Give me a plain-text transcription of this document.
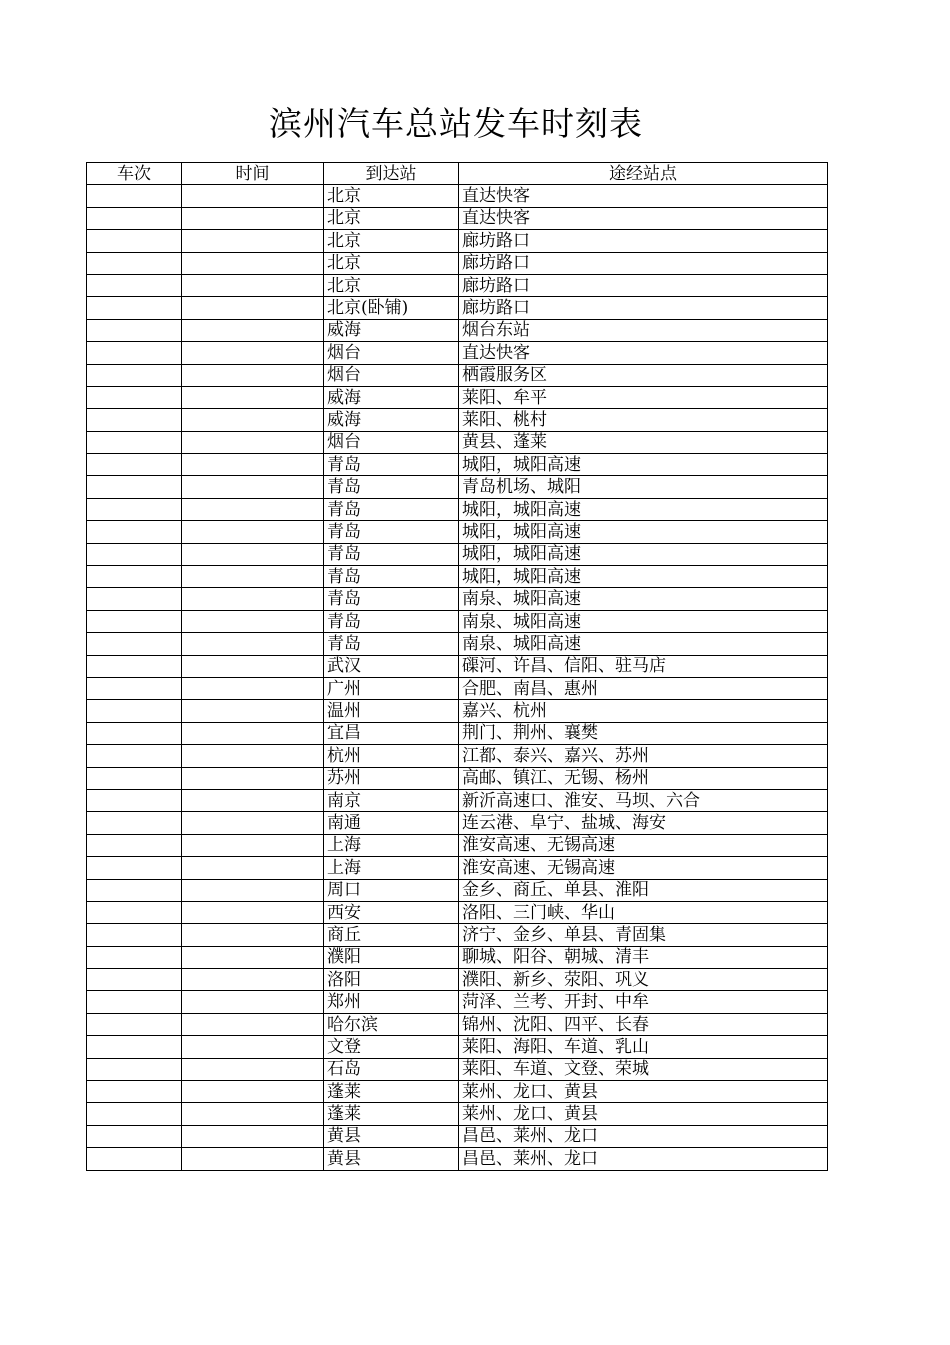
滨州汽车总站发车时刻表
车次	时间	到达站	途经站点
		北京	直达快客
		北京	直达快客
		北京	廊坊路口
		北京	廊坊路口
		北京	廊坊路口
		北京(卧铺)	廊坊路口
		威海	烟台东站
		烟台	直达快客
		烟台	栖霞服务区
		威海	莱阳、牟平
		威海	莱阳、桃村
		烟台	黄县、蓬莱
		青岛	城阳，城阳高速
		青岛	青岛机场、城阳
		青岛	城阳，城阳高速
		青岛	城阳，城阳高速
		青岛	城阳，城阳高速
		青岛	城阳，城阳高速
		青岛	南泉、城阳高速
		青岛	南泉、城阳高速
		青岛	南泉、城阳高速
		武汉	磲河、许昌、信阳、驻马店
		广州	合肥、南昌、惠州
		温州	嘉兴、杭州
		宜昌	荆门、荆州、襄樊
		杭州	江都、泰兴、嘉兴、苏州
		苏州	高邮、镇江、无锡、杨州
		南京	新沂高速口、淮安、马坝、六合
		南通	连云港、阜宁、盐城、海安
		上海	淮安高速、无锡高速
		上海	淮安高速、无锡高速
		周口	金乡、商丘、单县、淮阳
		西安	洛阳、三门峡、华山
		商丘	济宁、金乡、单县、青固集
		濮阳	聊城、阳谷、朝城、清丰
		洛阳	濮阳、新乡、荥阳、巩义
		郑州	菏泽、兰考、开封、中牟
		哈尔滨	锦州、沈阳、四平、长春
		文登	莱阳、海阳、车道、乳山
		石岛	莱阳、车道、文登、荣城
		蓬莱	莱州、龙口、黄县
		蓬莱	莱州、龙口、黄县
		黄县	昌邑、莱州、龙口
		黄县	昌邑、莱州、龙口
